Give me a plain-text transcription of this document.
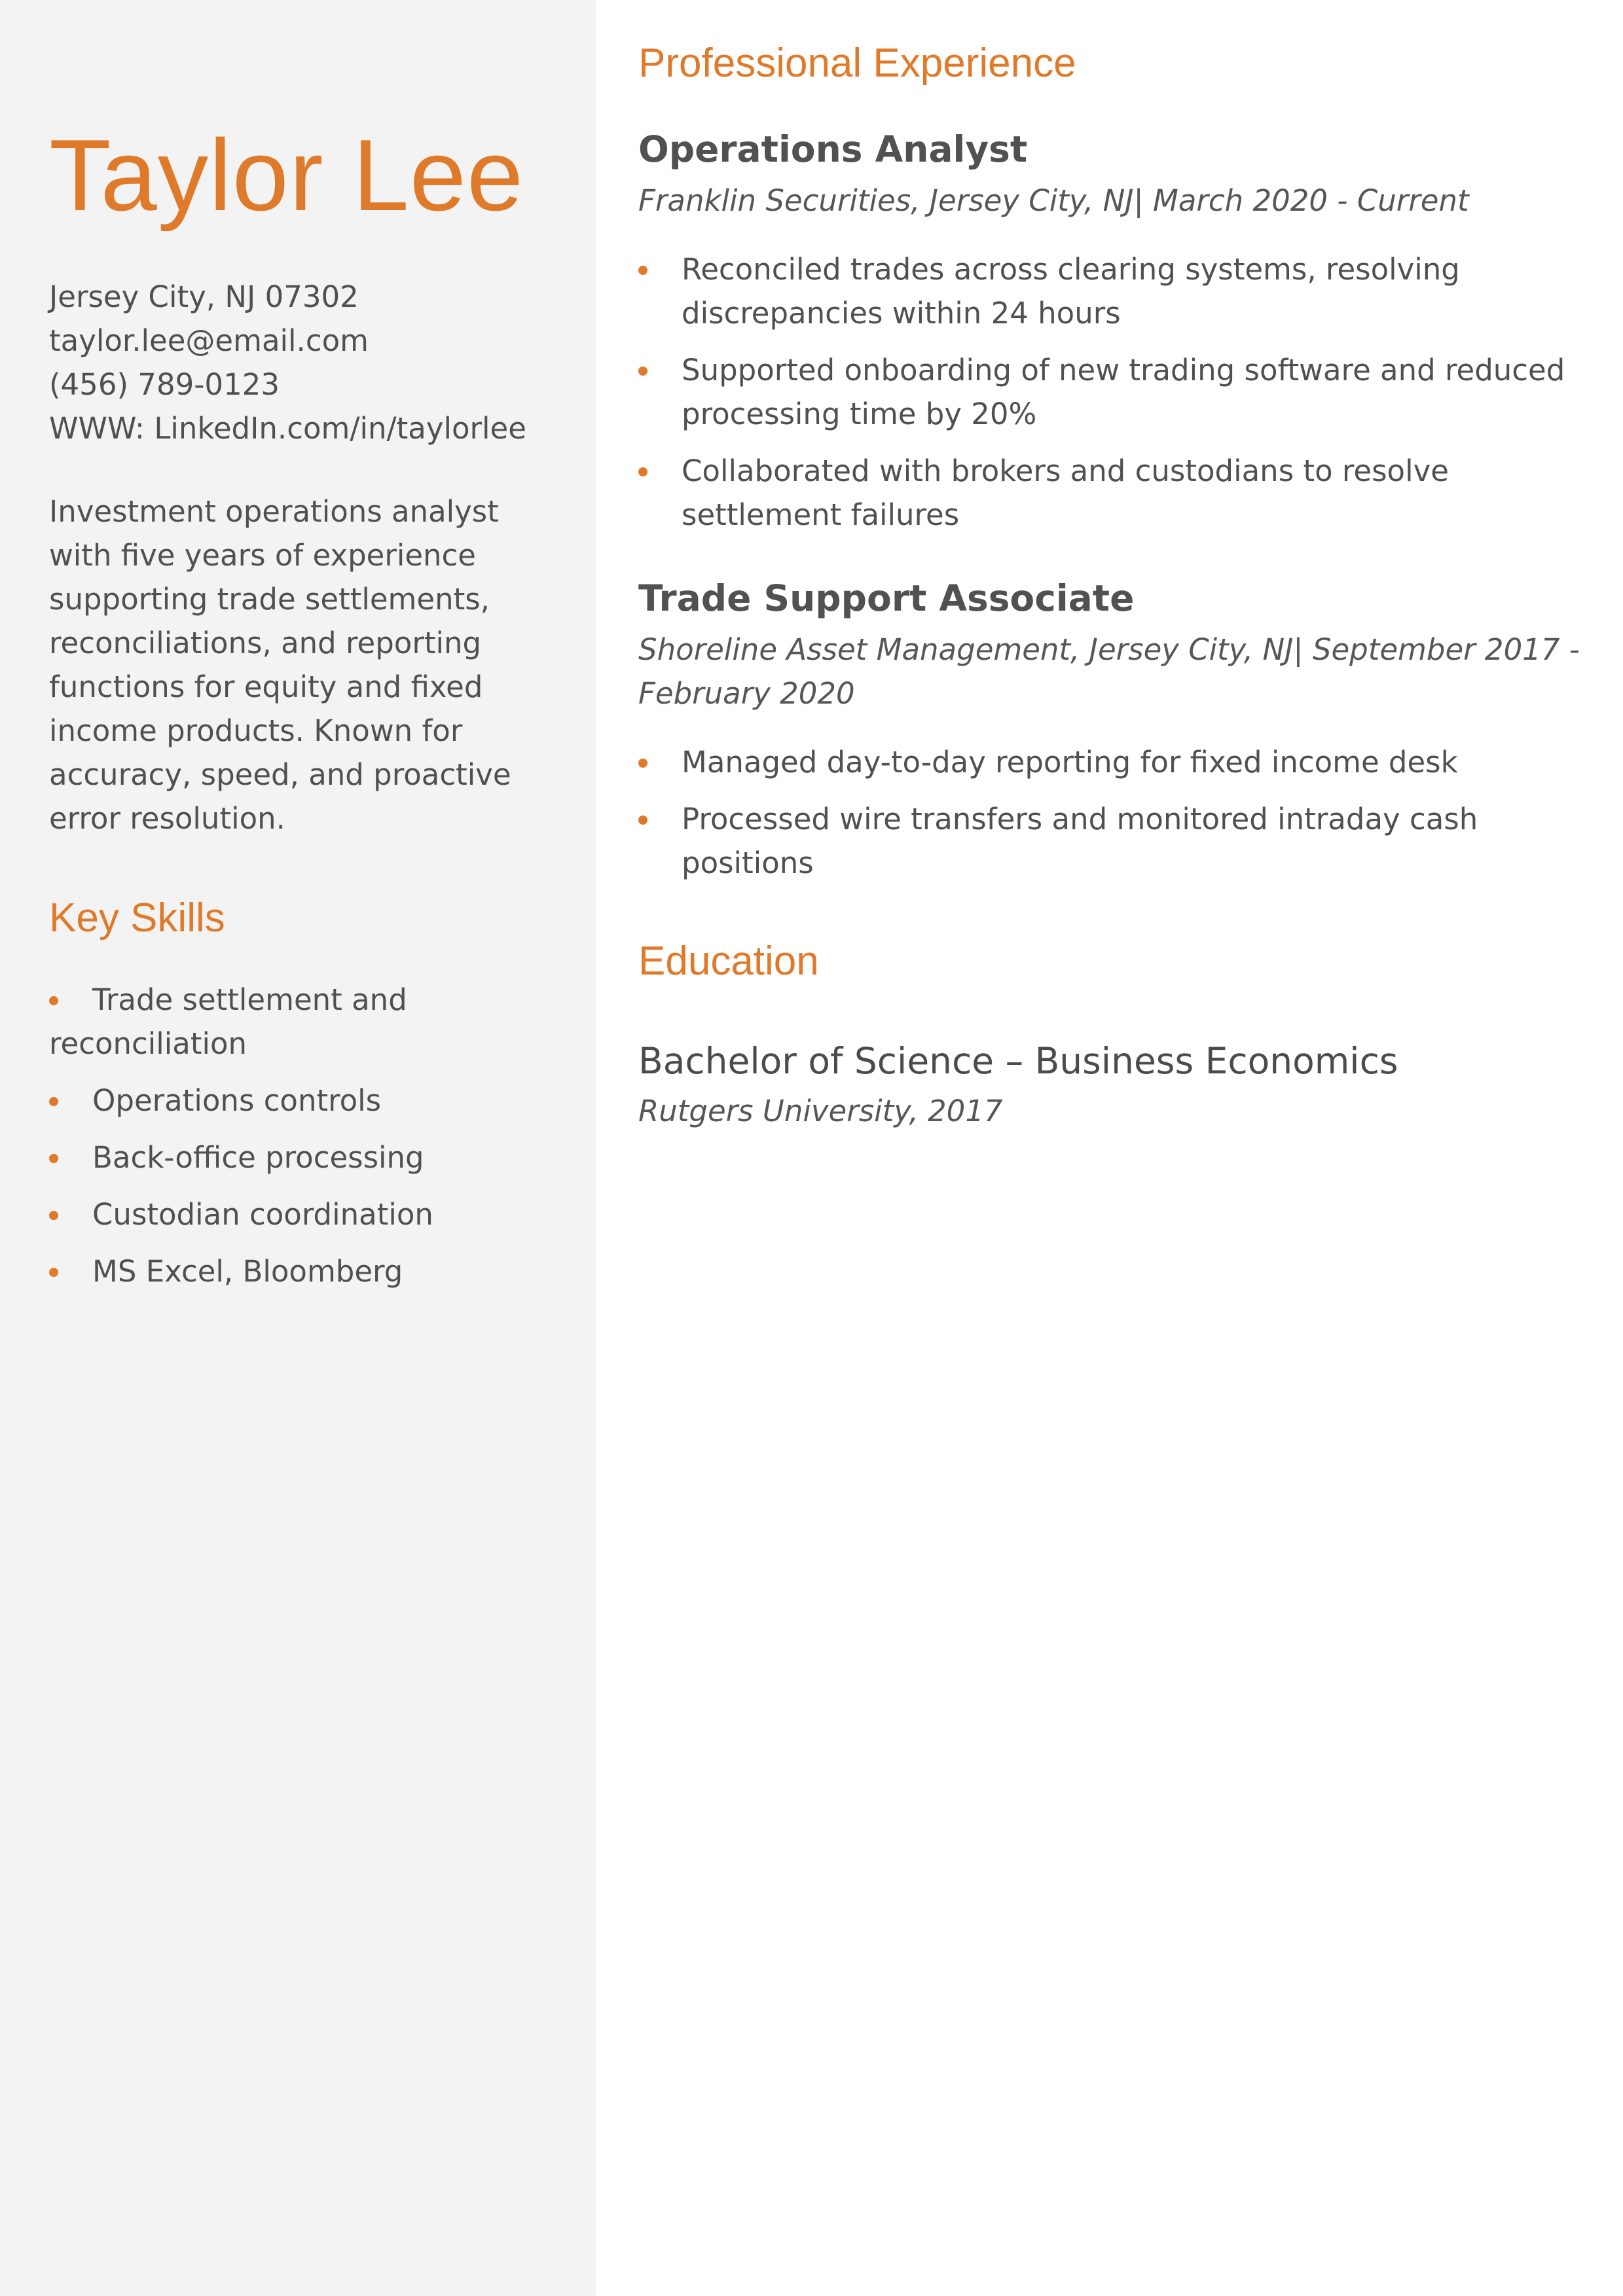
Taylor Lee
Jersey City, NJ 07302
taylor.lee@email.com
(456) 789-0123
WWW: LinkedIn.com/in/taylorlee
Investment operations analyst with five years of experience supporting trade settlements, reconciliations, and reporting functions for equity and fixed income products. Known for accuracy, speed, and proactive error resolution.
Key Skills
Trade settlement and reconciliation
Operations controls
Back-office processing
Custodian coordination
MS Excel, Bloomberg
Professional Experience
Operations Analyst
Franklin Securities, Jersey City, NJ| March 2020 - Current
Reconciled trades across clearing systems, resolving discrepancies within 24 hours
Supported onboarding of new trading software and reduced processing time by 20%
Collaborated with brokers and custodians to resolve settlement failures
Trade Support Associate
Shoreline Asset Management, Jersey City, NJ| September 2017 - February 2020
Managed day-to-day reporting for fixed income desk
Processed wire transfers and monitored intraday cash positions
Education
Bachelor of Science – Business Economics
Rutgers University, 2017
